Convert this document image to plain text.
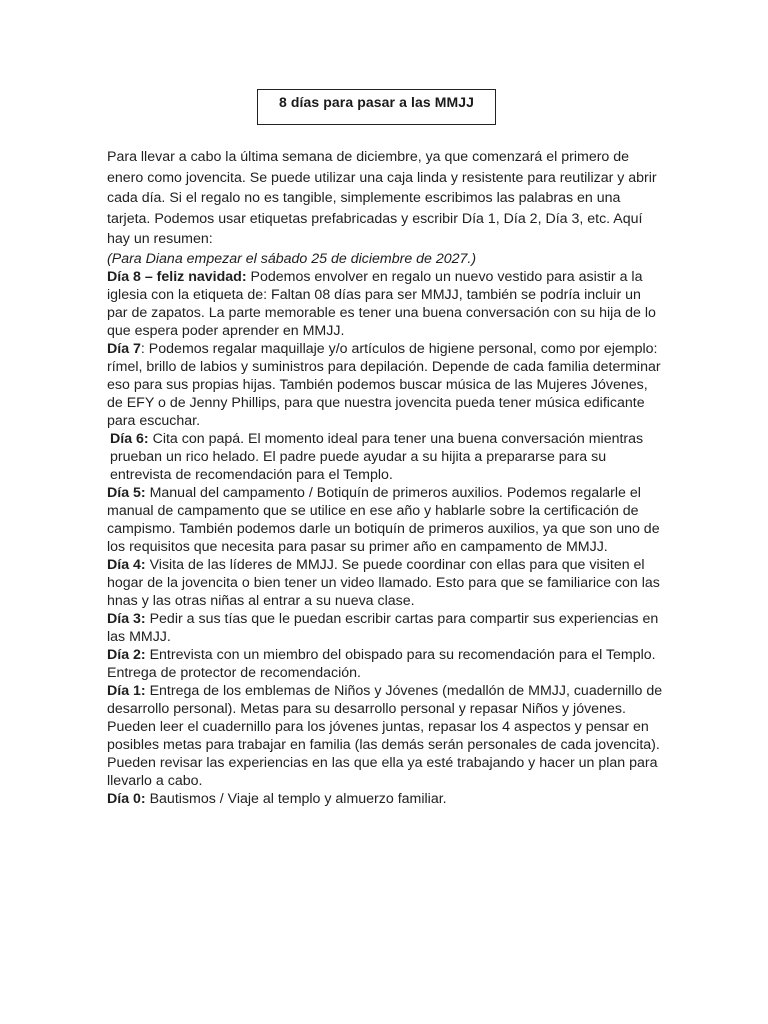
8 días para pasar a las MMJJ

Para llevar a cabo la última semana de diciembre, ya que comenzará el primero de enero como jovencita. Se puede utilizar una caja linda y resistente para reutilizar y abrir cada día. Si el regalo no es tangible, simplemente escribimos las palabras en una tarjeta. Podemos usar etiquetas prefabricadas y escribir Día 1, Día 2, Día 3, etc. Aquí hay un resumen:

(Para Diana empezar el sábado 25 de diciembre de 2027.)

Día 8 – feliz navidad: Podemos envolver en regalo un nuevo vestido para asistir a la iglesia con la etiqueta de: Faltan 08 días para ser MMJJ, también se podría incluir un par de zapatos. La parte memorable es tener una buena conversación con su hija de lo que espera poder aprender en MMJJ.

Día 7: Podemos regalar maquillaje y/o artículos de higiene personal, como por ejemplo: rímel, brillo de labios y suministros para depilación. Depende de cada familia determinar eso para sus propias hijas. También podemos buscar música de las Mujeres Jóvenes, de EFY o de Jenny Phillips, para que nuestra jovencita pueda tener música edificante para escuchar.

Día 6: Cita con papá. El momento ideal para tener una buena conversación mientras prueban un rico helado. El padre puede ayudar a su hijita a prepararse para su entrevista de recomendación para el Templo.

Día 5: Manual del campamento / Botiquín de primeros auxilios. Podemos regalarle el manual de campamento que se utilice en ese año y hablarle sobre la certificación de campismo. También podemos darle un botiquín de primeros auxilios, ya que son uno de los requisitos que necesita para pasar su primer año en campamento de MMJJ.

Día 4: Visita de las líderes de MMJJ. Se puede coordinar con ellas para que visiten el hogar de la jovencita o bien tener un video llamado. Esto para que se familiarice con las hnas y las otras niñas al entrar a su nueva clase.

Día 3: Pedir a sus tías que le puedan escribir cartas para compartir sus experiencias en las MMJJ.

Día 2: Entrevista con un miembro del obispado para su recomendación para el Templo. Entrega de protector de recomendación.

Día 1: Entrega de los emblemas de Niños y Jóvenes (medallón de MMJJ, cuadernillo de desarrollo personal). Metas para su desarrollo personal y repasar Niños y jóvenes. Pueden leer el cuadernillo para los jóvenes juntas, repasar los 4 aspectos y pensar en posibles metas para trabajar en familia (las demás serán personales de cada jovencita). Pueden revisar las experiencias en las que ella ya esté trabajando y hacer un plan para llevarlo a cabo.

Día 0: Bautismos / Viaje al templo y almuerzo familiar.
